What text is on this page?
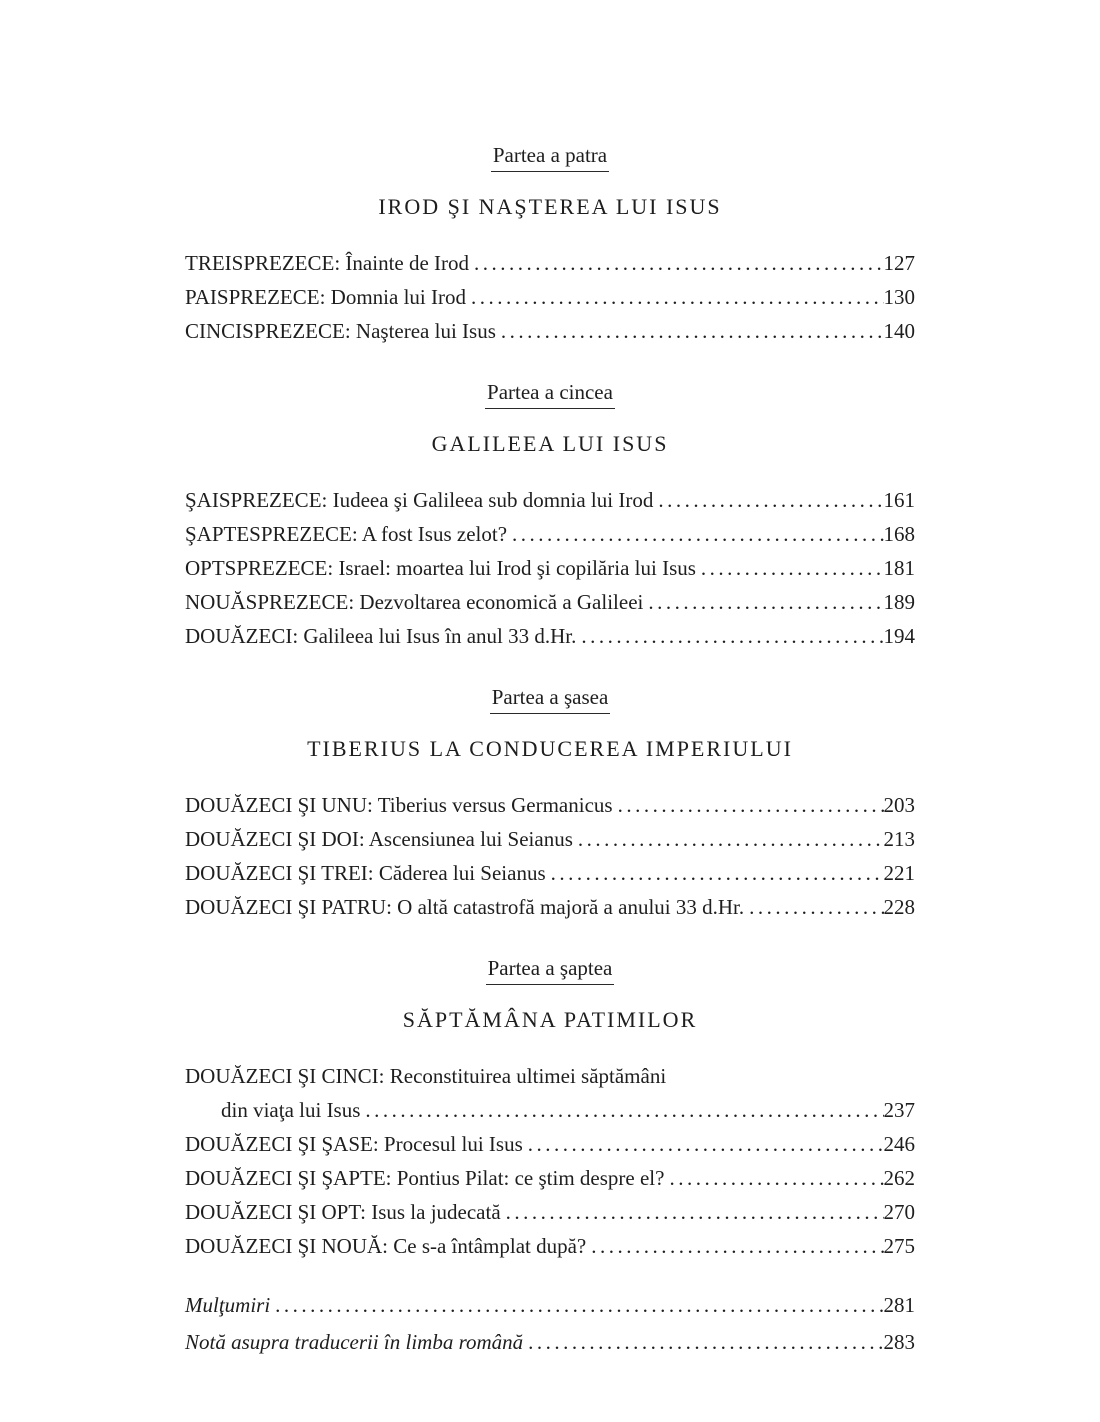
Partea a patra
IROD ŞI NAŞTEREA LUI ISUS
TREISPREZECE: Înainte de Irod .....	127
PAISPREZECE: Domnia lui Irod .....	130
CINCISPREZECE: Naşterea lui Isus .....	140
Partea a cincea
GALILEEA LUI ISUS
ŞAISPREZECE: Iudeea şi Galileea sub domnia lui Irod .....	161
ŞAPTESPREZECE: A fost Isus zelot? .....	168
OPTSPREZECE: Israel: moartea lui Irod şi copilăria lui Isus .....	181
NOUĂSPREZECE: Dezvoltarea economică a Galileei .....	189
DOUĂZECI: Galileea lui Isus în anul 33 d.Hr. .....	194
Partea a şasea
TIBERIUS LA CONDUCEREA IMPERIULUI
DOUĂZECI ŞI UNU: Tiberius versus Germanicus .....	203
DOUĂZECI ŞI DOI: Ascensiunea lui Seianus .....	213
DOUĂZECI ŞI TREI: Căderea lui Seianus .....	221
DOUĂZECI ŞI PATRU: O altă catastrofă majoră a anului 33 d.Hr. .....	228
Partea a şaptea
SĂPTĂMÂNA PATIMILOR
DOUĂZECI ŞI CINCI: Reconstituirea ultimei săptămâni
din viaţa lui Isus .....	237
DOUĂZECI ŞI ŞASE: Procesul lui Isus .....	246
DOUĂZECI ŞI ŞAPTE: Pontius Pilat: ce ştim despre el? .....	262
DOUĂZECI ŞI OPT: Isus la judecată .....	270
DOUĂZECI ŞI NOUĂ: Ce s-a întâmplat după? .....	275
Mulţumiri .....	281
Notă asupra traducerii în limba română .....	283
